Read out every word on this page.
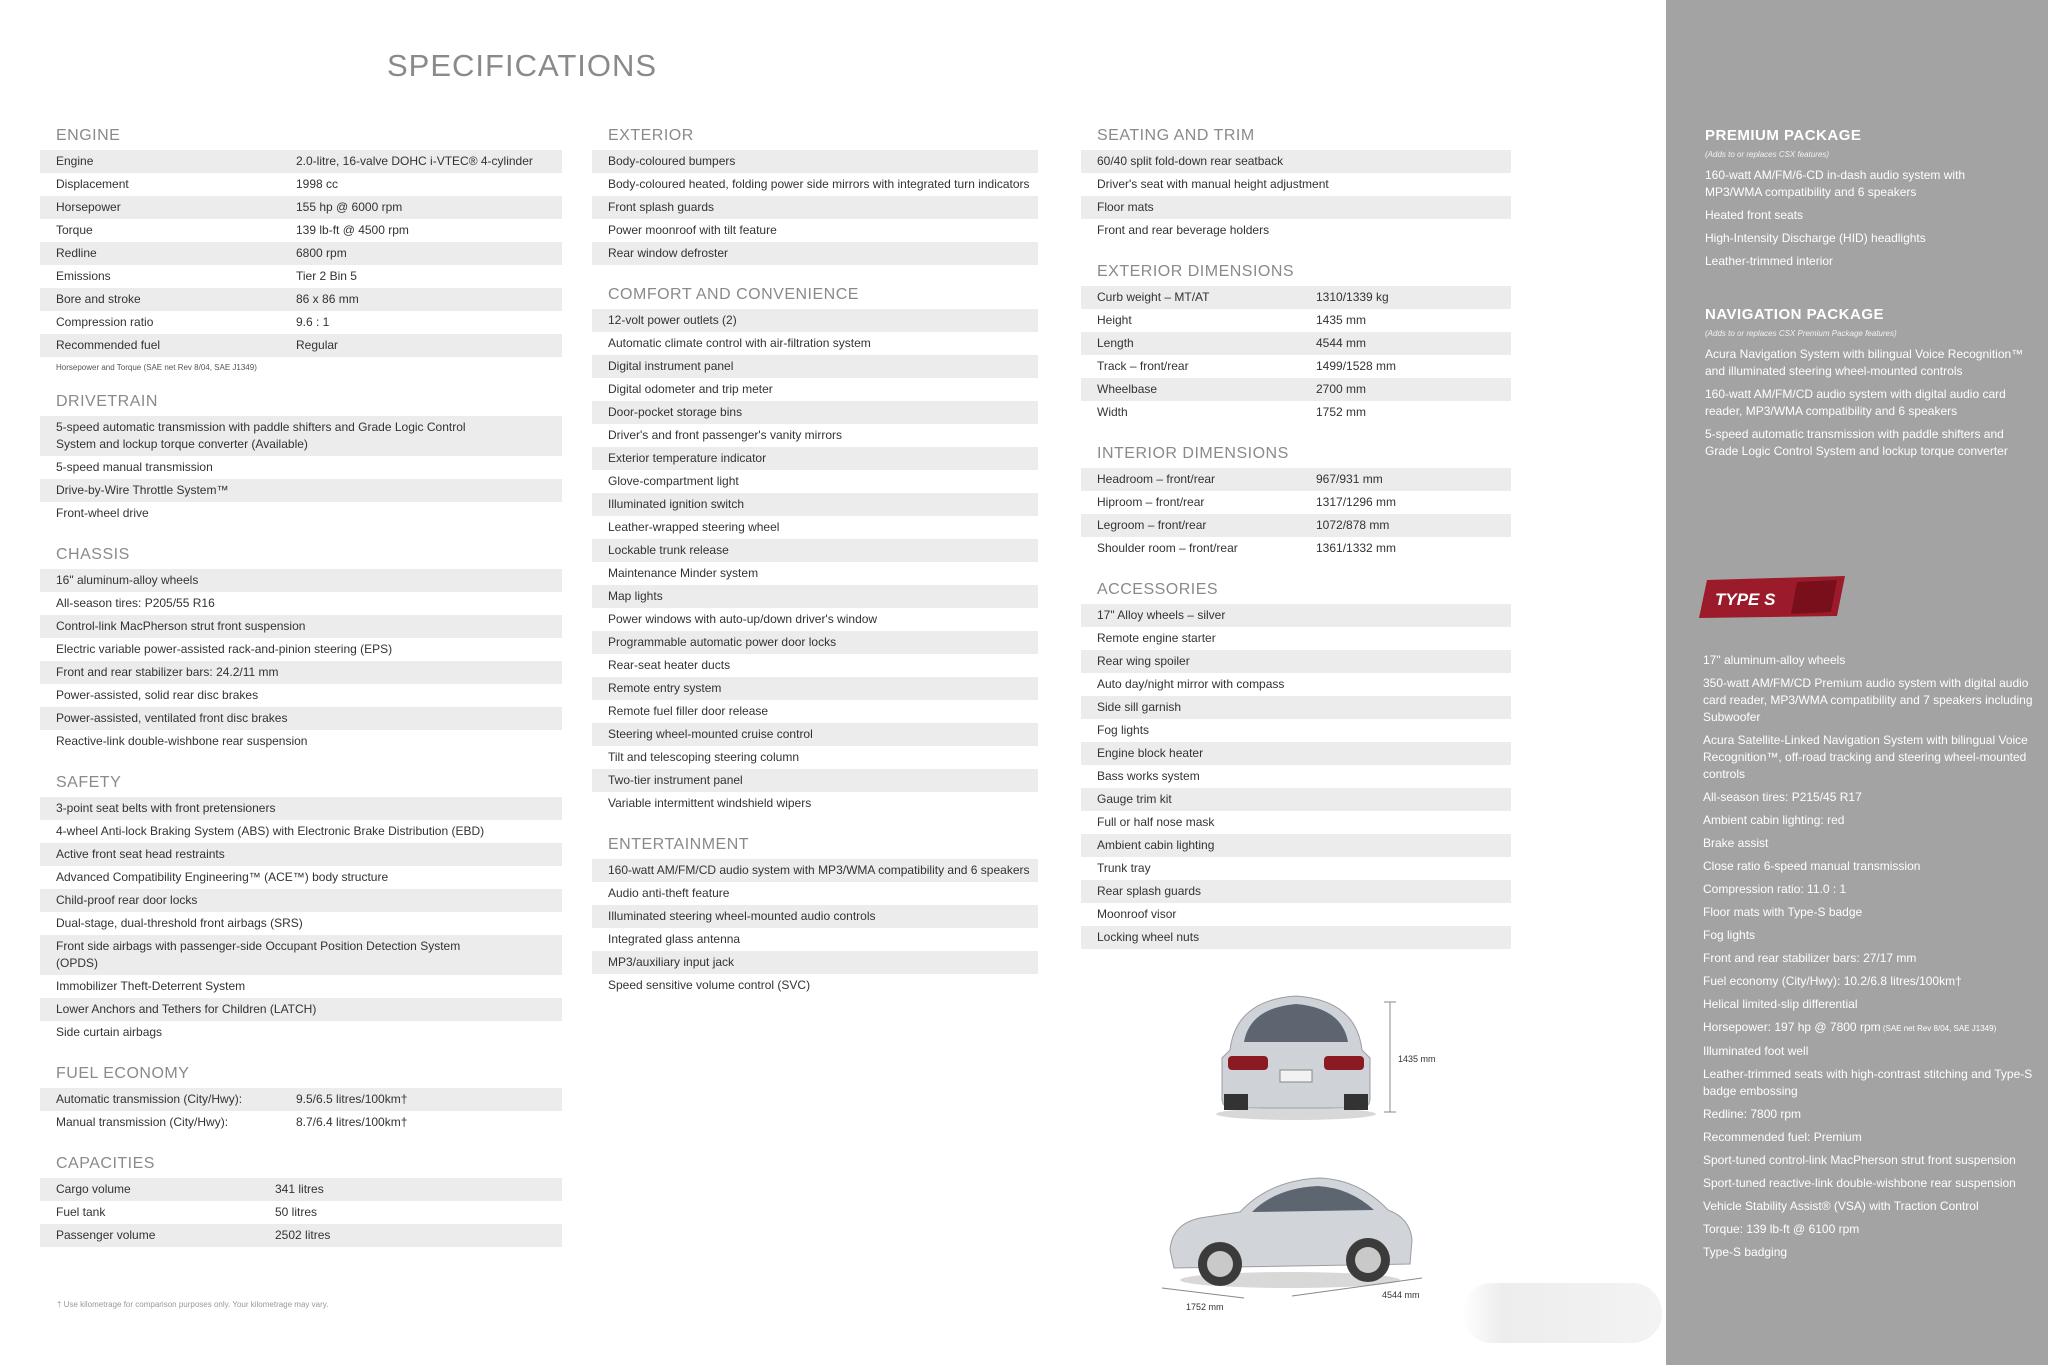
SPECIFICATIONS
ENGINE
Engine	2.0-litre, 16-valve DOHC i-VTEC® 4-cylinder
Displacement	1998 cc
Horsepower	155 hp @ 6000 rpm
Torque	139 lb-ft @ 4500 rpm
Redline	6800 rpm
Emissions	Tier 2 Bin 5
Bore and stroke	86 x 86 mm
Compression ratio	9.6 : 1
Recommended fuel	Regular
Horsepower and Torque (SAE net Rev 8/04, SAE J1349)
DRIVETRAIN
5-speed automatic transmission with paddle shifters and Grade Logic Control System and lockup torque converter (Available)
5-speed manual transmission
Drive-by-Wire Throttle System™
Front-wheel drive
CHASSIS
16" aluminum-alloy wheels
All-season tires: P205/55 R16
Control-link MacPherson strut front suspension
Electric variable power-assisted rack-and-pinion steering (EPS)
Front and rear stabilizer bars: 24.2/11 mm
Power-assisted, solid rear disc brakes
Power-assisted, ventilated front disc brakes
Reactive-link double-wishbone rear suspension
SAFETY
3-point seat belts with front pretensioners
4-wheel Anti-lock Braking System (ABS) with Electronic Brake Distribution (EBD)
Active front seat head restraints
Advanced Compatibility Engineering™ (ACE™) body structure
Child-proof rear door locks
Dual-stage, dual-threshold front airbags (SRS)
Front side airbags with passenger-side Occupant Position Detection System (OPDS)
Immobilizer Theft-Deterrent System
Lower Anchors and Tethers for Children (LATCH)
Side curtain airbags
FUEL ECONOMY
Automatic transmission (City/Hwy):	9.5/6.5 litres/100km†
Manual transmission (City/Hwy):	8.7/6.4 litres/100km†
CAPACITIES
Cargo volume	341 litres
Fuel tank	50 litres
Passenger volume	2502 litres
EXTERIOR
Body-coloured bumpers
Body-coloured heated, folding power side mirrors with integrated turn indicators
Front splash guards
Power moonroof with tilt feature
Rear window defroster
COMFORT AND CONVENIENCE
12-volt power outlets (2)
Automatic climate control with air-filtration system
Digital instrument panel
Digital odometer and trip meter
Door-pocket storage bins
Driver's and front passenger's vanity mirrors
Exterior temperature indicator
Glove-compartment light
Illuminated ignition switch
Leather-wrapped steering wheel
Lockable trunk release
Maintenance Minder system
Map lights
Power windows with auto-up/down driver's window
Programmable automatic power door locks
Rear-seat heater ducts
Remote entry system
Remote fuel filler door release
Steering wheel-mounted cruise control
Tilt and telescoping steering column
Two-tier instrument panel
Variable intermittent windshield wipers
ENTERTAINMENT
160-watt AM/FM/CD audio system with MP3/WMA compatibility and 6 speakers
Audio anti-theft feature
Illuminated steering wheel-mounted audio controls
Integrated glass antenna
MP3/auxiliary input jack
Speed sensitive volume control (SVC)
SEATING AND TRIM
60/40 split fold-down rear seatback
Driver's seat with manual height adjustment
Floor mats
Front and rear beverage holders
EXTERIOR DIMENSIONS
Curb weight – MT/AT	1310/1339 kg
Height	1435 mm
Length	4544 mm
Track – front/rear	1499/1528 mm
Wheelbase	2700 mm
Width	1752 mm
INTERIOR DIMENSIONS
Headroom – front/rear	967/931 mm
Hiproom – front/rear	1317/1296 mm
Legroom – front/rear	1072/878 mm
Shoulder room – front/rear	1361/1332 mm
ACCESSORIES
17" Alloy wheels – silver
Remote engine starter
Rear wing spoiler
Auto day/night mirror with compass
Side sill garnish
Fog lights
Engine block heater
Bass works system
Gauge trim kit
Full or half nose mask
Ambient cabin lighting
Trunk tray
Rear splash guards
Moonroof visor
Locking wheel nuts
1435 mm
1752 mm
4544 mm
† Use kilometrage for comparison purposes only. Your kilometrage may vary.
PREMIUM PACKAGE
(Adds to or replaces CSX features)
160-watt AM/FM/6-CD in-dash audio system with MP3/WMA compatibility and 6 speakers
Heated front seats
High-Intensity Discharge (HID) headlights
Leather-trimmed interior
NAVIGATION PACKAGE
(Adds to or replaces CSX Premium Package features)
Acura Navigation System with bilingual Voice Recognition™ and illuminated steering wheel-mounted controls
160-watt AM/FM/CD audio system with digital audio card reader, MP3/WMA compatibility and 6 speakers
5-speed automatic transmission with paddle shifters and Grade Logic Control System and lockup torque converter
TYPE S
17" aluminum-alloy wheels
350-watt AM/FM/CD Premium audio system with digital audio card reader, MP3/WMA compatibility and 7 speakers including Subwoofer
Acura Satellite-Linked Navigation System with bilingual Voice Recognition™, off-road tracking and steering wheel-mounted controls
All-season tires: P215/45 R17
Ambient cabin lighting: red
Brake assist
Close ratio 6-speed manual transmission
Compression ratio: 11.0 : 1
Floor mats with Type-S badge
Fog lights
Front and rear stabilizer bars: 27/17 mm
Fuel economy (City/Hwy): 10.2/6.8 litres/100km†
Helical limited-slip differential
Horsepower: 197 hp @ 7800 rpm (SAE net Rev 8/04, SAE J1349)
Illuminated foot well
Leather-trimmed seats with high-contrast stitching and Type-S badge embossing
Redline: 7800 rpm
Recommended fuel: Premium
Sport-tuned control-link MacPherson strut front suspension
Sport-tuned reactive-link double-wishbone rear suspension
Vehicle Stability Assist® (VSA) with Traction Control
Torque: 139 lb-ft @ 6100 rpm
Type-S badging
